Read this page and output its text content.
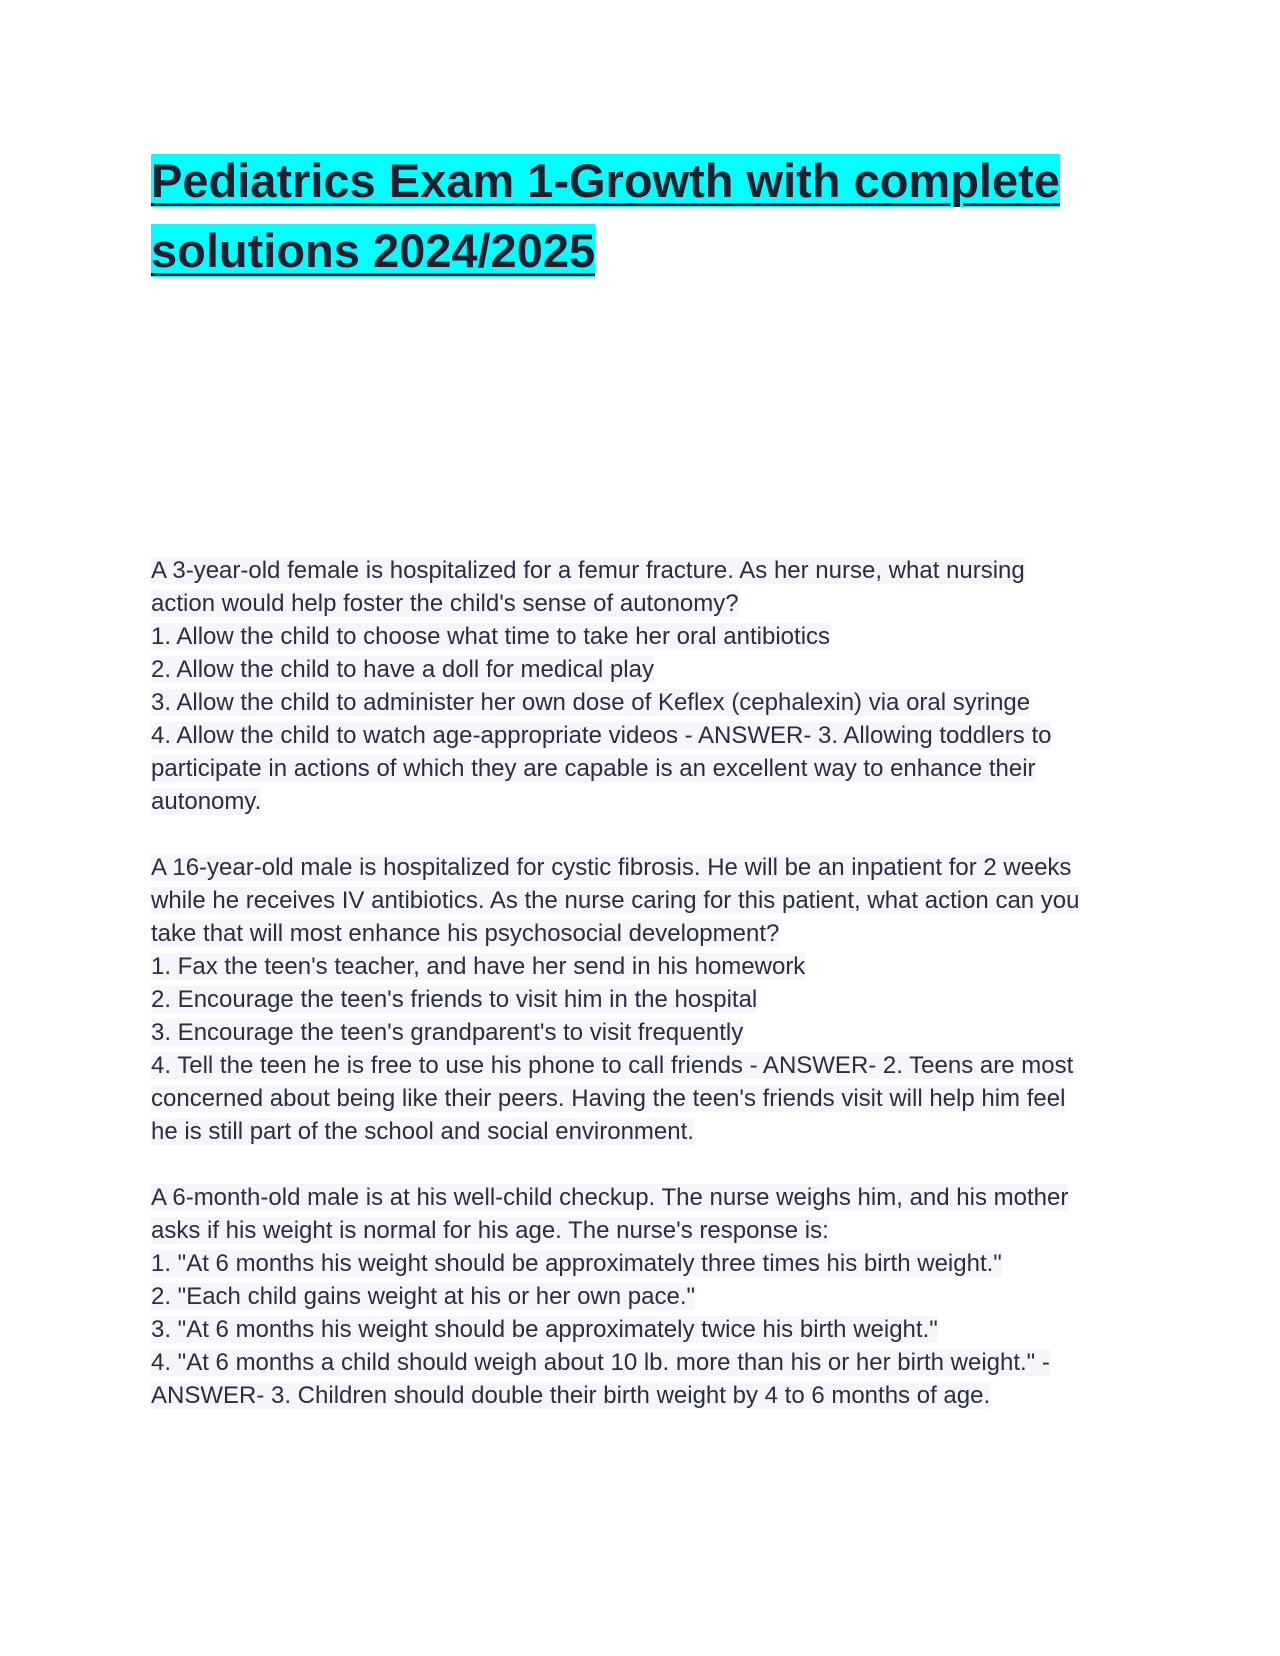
Pediatrics Exam 1-Growth with complete
solutions 2024/2025
A 3-year-old female is hospitalized for a femur fracture. As her nurse, what nursing
action would help foster the child's sense of autonomy?
1. Allow the child to choose what time to take her oral antibiotics
2. Allow the child to have a doll for medical play
3. Allow the child to administer her own dose of Keflex (cephalexin) via oral syringe
4. Allow the child to watch age-appropriate videos - ANSWER- 3. Allowing toddlers to
participate in actions of which they are capable is an excellent way to enhance their
autonomy.
A 16-year-old male is hospitalized for cystic fibrosis. He will be an inpatient for 2 weeks
while he receives IV antibiotics. As the nurse caring for this patient, what action can you
take that will most enhance his psychosocial development?
1. Fax the teen's teacher, and have her send in his homework
2. Encourage the teen's friends to visit him in the hospital
3. Encourage the teen's grandparent's to visit frequently
4. Tell the teen he is free to use his phone to call friends - ANSWER- 2. Teens are most
concerned about being like their peers. Having the teen's friends visit will help him feel
he is still part of the school and social environment.
A 6-month-old male is at his well-child checkup. The nurse weighs him, and his mother
asks if his weight is normal for his age. The nurse's response is:
1. "At 6 months his weight should be approximately three times his birth weight."
2. "Each child gains weight at his or her own pace."
3. "At 6 months his weight should be approximately twice his birth weight."
4. "At 6 months a child should weigh about 10 lb. more than his or her birth weight." -
ANSWER- 3. Children should double their birth weight by 4 to 6 months of age.
